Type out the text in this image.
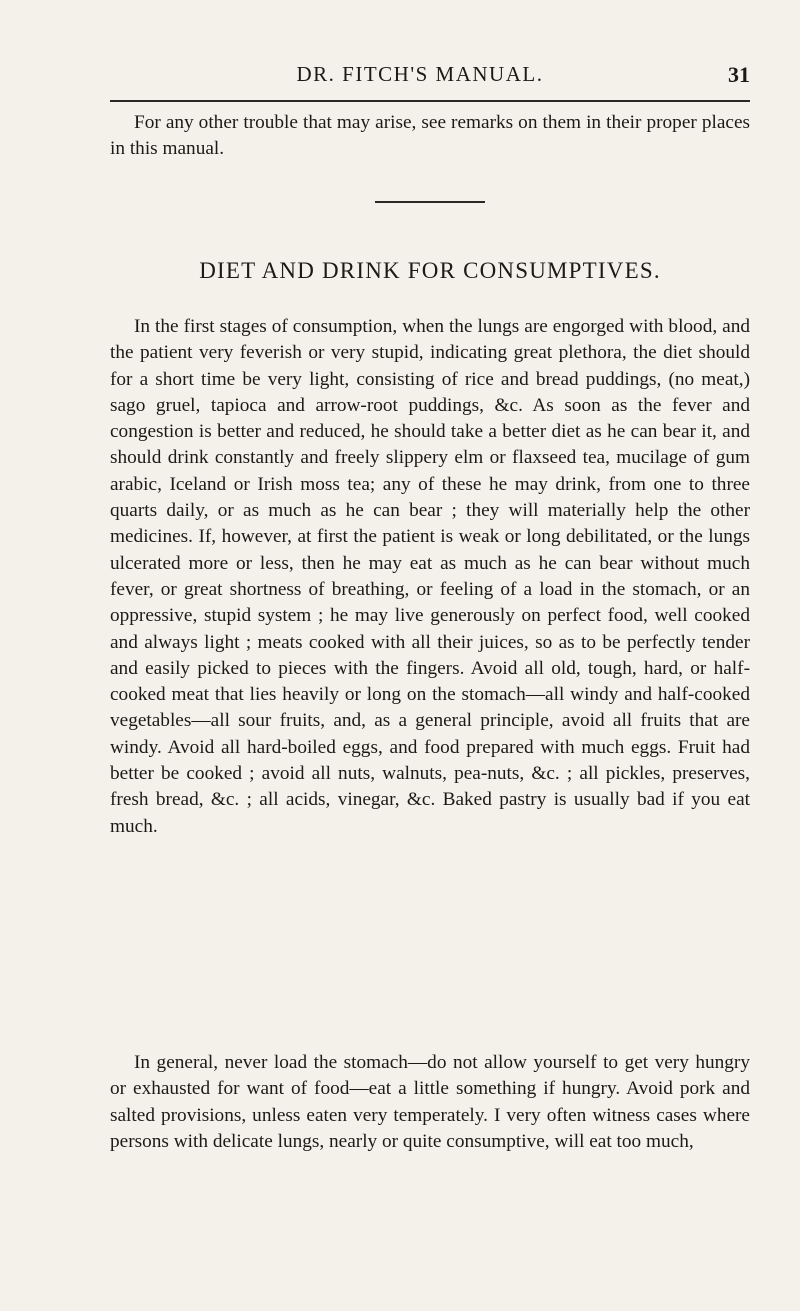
DR. FITCH'S MANUAL.	31

For any other trouble that may arise, see remarks on them in their proper places in this manual.

DIET AND DRINK FOR CONSUMPTIVES.

In the first stages of consumption, when the lungs are engorged with blood, and the patient very feverish or very stupid, indicating great plethora, the diet should for a short time be very light, consisting of rice and bread puddings, (no meat,) sago gruel, tapioca and arrow-root puddings, &c. As soon as the fever and congestion is better and reduced, he should take a better diet as he can bear it, and should drink constantly and freely slippery elm or flaxseed tea, mucilage of gum arabic, Iceland or Irish moss tea; any of these he may drink, from one to three quarts daily, or as much as he can bear ; they will materially help the other medicines. If, however, at first the patient is weak or long debilitated, or the lungs ulcerated more or less, then he may eat as much as he can bear without much fever, or great shortness of breathing, or feeling of a load in the stomach, or an oppressive, stupid system ; he may live generously on perfect food, well cooked and always light ; meats cooked with all their juices, so as to be perfectly tender and easily picked to pieces with the fingers. Avoid all old, tough, hard, or half-cooked meat that lies heavily or long on the stomach—all windy and half-cooked vegetables—all sour fruits, and, as a general principle, avoid all fruits that are windy. Avoid all hard-boiled eggs, and food prepared with much eggs. Fruit had better be cooked ; avoid all nuts, walnuts, pea-nuts, &c. ; all pickles, preserves, fresh bread, &c. ; all acids, vinegar, &c. Baked pastry is usually bad if you eat much.

In general, never load the stomach—do not allow yourself to get very hungry or exhausted for want of food—eat a little something if hungry. Avoid pork and salted provisions, unless eaten very temperately. I very often witness cases where persons with delicate lungs, nearly or quite consumptive, will eat too much,
